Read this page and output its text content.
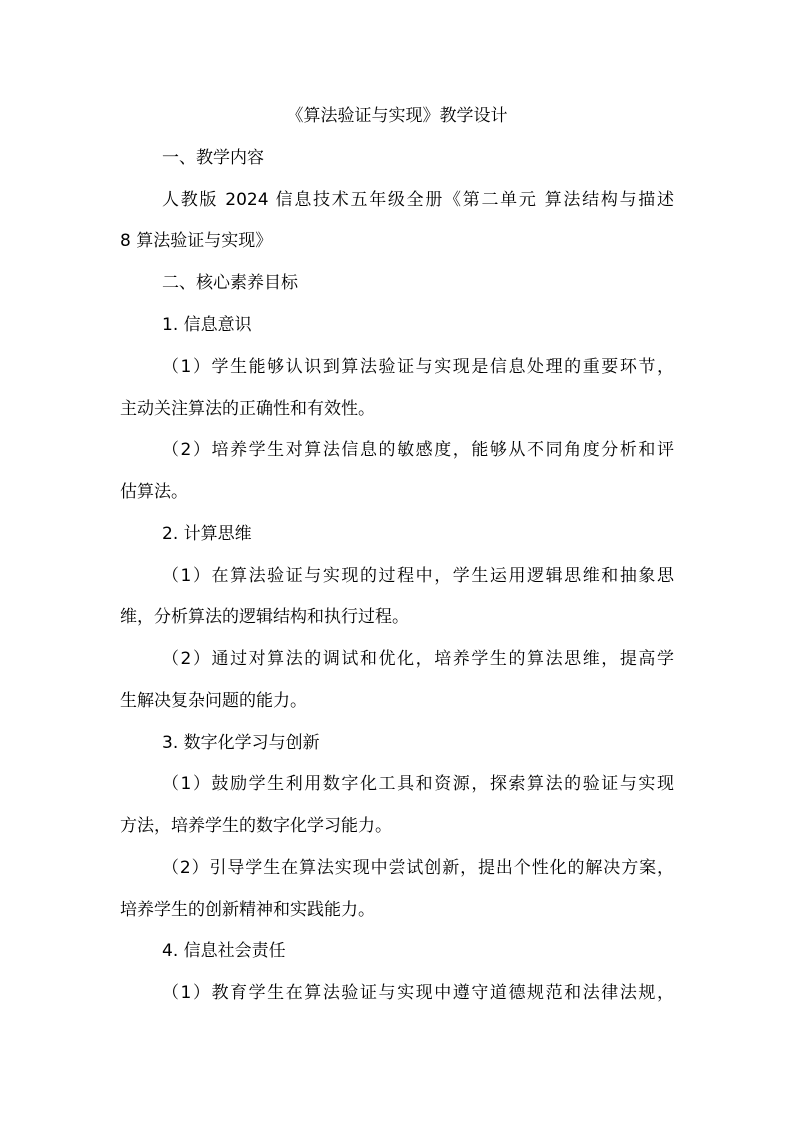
《算法验证与实现》教学设计
一、教学内容
人教版 2024 信息技术五年级全册《第二单元 算法结构与描述
8 算法验证与实现》
二、核心素养目标
1. 信息意识
（1）学生能够认识到算法验证与实现是信息处理的重要环节，
主动关注算法的正确性和有效性。
（2）培养学生对算法信息的敏感度，能够从不同角度分析和评
估算法。
2. 计算思维
（1）在算法验证与实现的过程中，学生运用逻辑思维和抽象思
维，分析算法的逻辑结构和执行过程。
（2）通过对算法的调试和优化，培养学生的算法思维，提高学
生解决复杂问题的能力。
3. 数字化学习与创新
（1）鼓励学生利用数字化工具和资源，探索算法的验证与实现
方法，培养学生的数字化学习能力。
（2）引导学生在算法实现中尝试创新，提出个性化的解决方案，
培养学生的创新精神和实践能力。
4. 信息社会责任
（1）教育学生在算法验证与实现中遵守道德规范和法律法规，
